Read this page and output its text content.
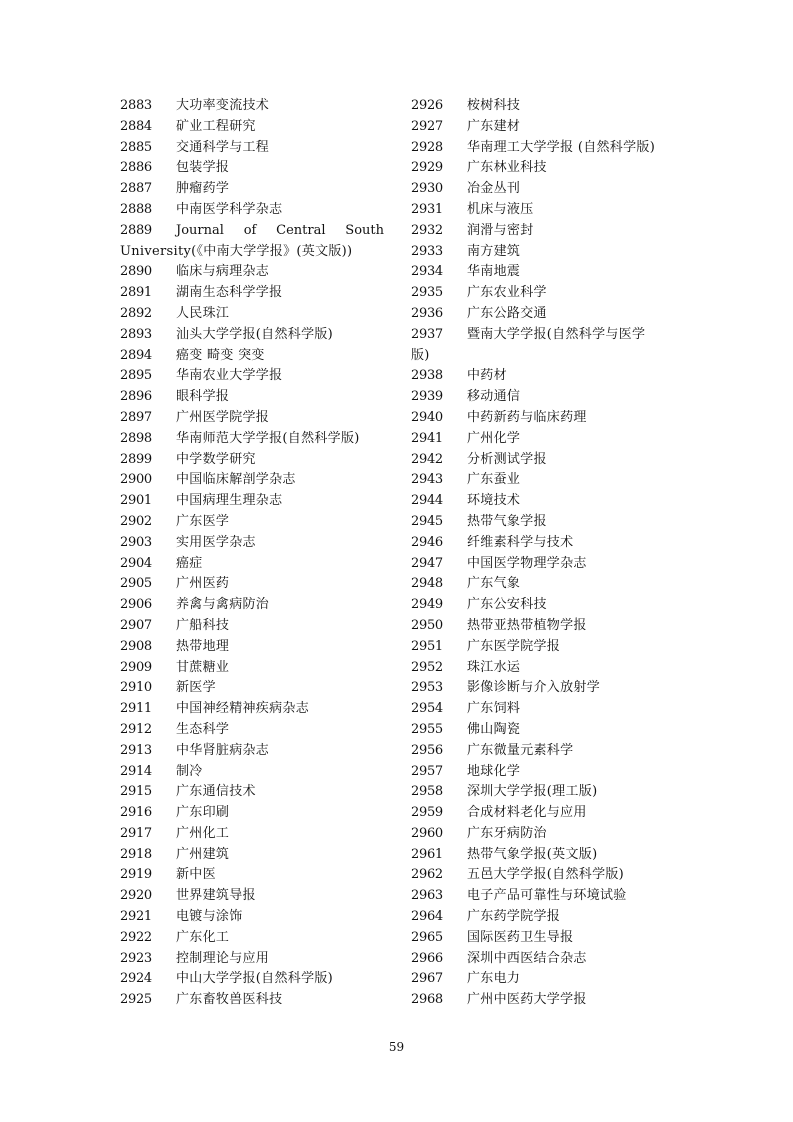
2883 大功率变流技术
2884 矿业工程研究
2885 交通科学与工程
2886 包装学报
2887 肿瘤药学
2888 中南医学科学杂志
2889 Journal of Central South
University(《中南大学学报》(英文版))
2890 临床与病理杂志
2891 湖南生态科学学报
2892 人民珠江
2893 汕头大学学报(自然科学版)
2894 癌变 畸变 突变
2895 华南农业大学学报
2896 眼科学报
2897 广州医学院学报
2898 华南师范大学学报(自然科学版)
2899 中学数学研究
2900 中国临床解剖学杂志
2901 中国病理生理杂志
2902 广东医学
2903 实用医学杂志
2904 癌症
2905 广州医药
2906 养禽与禽病防治
2907 广船科技
2908 热带地理
2909 甘蔗糖业
2910 新医学
2911 中国神经精神疾病杂志
2912 生态科学
2913 中华肾脏病杂志
2914 制冷
2915 广东通信技术
2916 广东印刷
2917 广州化工
2918 广州建筑
2919 新中医
2920 世界建筑导报
2921 电镀与涂饰
2922 广东化工
2923 控制理论与应用
2924 中山大学学报(自然科学版)
2925 广东畜牧兽医科技
2926 桉树科技
2927 广东建材
2928 华南理工大学学报 (自然科学版)
2929 广东林业科技
2930 冶金丛刊
2931 机床与液压
2932 润滑与密封
2933 南方建筑
2934 华南地震
2935 广东农业科学
2936 广东公路交通
2937 暨南大学学报(自然科学与医学
版)
2938 中药材
2939 移动通信
2940 中药新药与临床药理
2941 广州化学
2942 分析测试学报
2943 广东蚕业
2944 环境技术
2945 热带气象学报
2946 纤维素科学与技术
2947 中国医学物理学杂志
2948 广东气象
2949 广东公安科技
2950 热带亚热带植物学报
2951 广东医学院学报
2952 珠江水运
2953 影像诊断与介入放射学
2954 广东饲料
2955 佛山陶瓷
2956 广东微量元素科学
2957 地球化学
2958 深圳大学学报(理工版)
2959 合成材料老化与应用
2960 广东牙病防治
2961 热带气象学报(英文版)
2962 五邑大学学报(自然科学版)
2963 电子产品可靠性与环境试验
2964 广东药学院学报
2965 国际医药卫生导报
2966 深圳中西医结合杂志
2967 广东电力
2968 广州中医药大学学报
59
